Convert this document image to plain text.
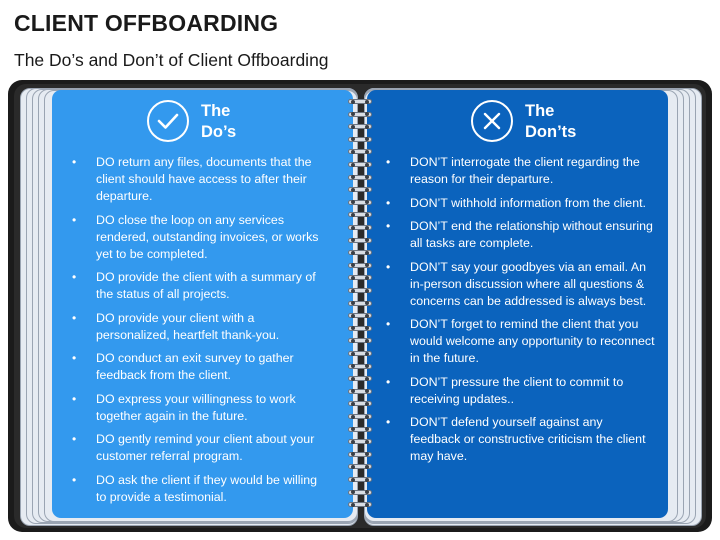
CLIENT OFFBOARDING
The Do’s and Don’t of Client Offboarding
The
Do’s
• DO return any files, documents that the client should have access to after their departure.
• DO close the loop on any services rendered, outstanding invoices, or works yet to be completed.
• DO provide the client with a summary of the status of all projects.
• DO provide your client with a personalized, heartfelt thank-you.
• DO conduct an exit survey to gather feedback from the client.
• DO express your willingness to work together again in the future.
• DO gently remind your client about your customer referral program.
• DO ask the client if they would be willing to provide a testimonial.
The
Don’ts
• DON’T interrogate the client regarding the reason for their departure.
• DON’T withhold information from the client.
• DON’T end the relationship without ensuring all tasks are complete.
• DON’T say your goodbyes via an email. An in-person discussion where all questions & concerns can be addressed is always best.
• DON’T forget to remind the client that you would welcome any opportunity to reconnect in the future.
• DON’T pressure the client to commit to receiving updates..
• DON’T defend yourself against any feedback or constructive criticism the client may have.
